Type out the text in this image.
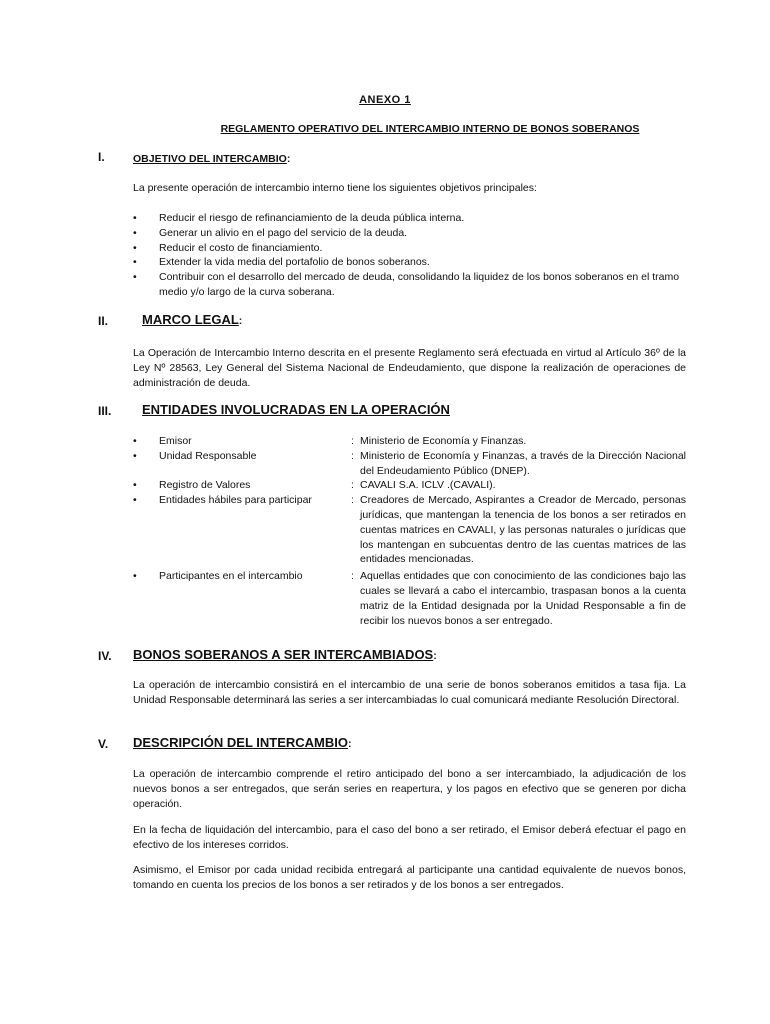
ANEXO 1
REGLAMENTO OPERATIVO DEL INTERCAMBIO INTERNO DE BONOS SOBERANOS
I.	OBJETIVO DEL INTERCAMBIO:
La presente operación de intercambio interno tiene los siguientes objetivos principales:
• Reducir el riesgo de refinanciamiento de la deuda pública interna.
• Generar un alivio en el pago del servicio de la deuda.
• Reducir el costo de financiamiento.
• Extender la vida media del portafolio de bonos soberanos.
• Contribuir con el desarrollo del mercado de deuda, consolidando la liquidez de los bonos soberanos en el tramo medio y/o largo de la curva soberana.
II.	MARCO LEGAL:
La Operación de Intercambio Interno descrita en el presente Reglamento será efectuada en virtud al Artículo 36º de la Ley Nº 28563, Ley General del Sistema Nacional de Endeudamiento, que dispone la realización de operaciones de administración de deuda.
III. ENTIDADES INVOLUCRADAS EN LA OPERACIÓN
•	Emisor	: Ministerio de Economía y Finanzas.
•	Unidad Responsable	: Ministerio de Economía y Finanzas, a través de la Dirección Nacional del Endeudamiento Público (DNEP).
•	Registro de Valores	: CAVALI S.A. ICLV .(CAVALI).
•	Entidades hábiles para participar	: Creadores de Mercado, Aspirantes a Creador de Mercado, personas jurídicas, que mantengan la tenencia de los bonos a ser retirados en cuentas matrices en CAVALI, y las personas naturales o jurídicas que los mantengan en subcuentas dentro de las cuentas matrices de las entidades mencionadas.
•	Participantes en el intercambio	: Aquellas entidades que con conocimiento de las condiciones bajo las cuales se llevará a cabo el intercambio, traspasan bonos a la cuenta matriz de la Entidad designada por la Unidad Responsable a fin de recibir los nuevos bonos a ser entregado.
IV. BONOS SOBERANOS A SER INTERCAMBIADOS:
La operación de intercambio consistirá en el intercambio de una serie de bonos soberanos emitidos a tasa fija. La Unidad Responsable determinará las series a ser intercambiadas lo cual comunicará mediante Resolución Directoral.
V. DESCRIPCIÓN DEL INTERCAMBIO:
La operación de intercambio comprende el retiro anticipado del bono a ser intercambiado, la adjudicación de los nuevos bonos a ser entregados, que serán series en reapertura, y los pagos en efectivo que se generen por dicha operación.
En la fecha de liquidación del intercambio, para el caso del bono a ser retirado, el Emisor deberá efectuar el pago en efectivo de los intereses corridos.
Asimismo, el Emisor por cada unidad recibida entregará al participante una cantidad equivalente de nuevos bonos, tomando en cuenta los precios de los bonos a ser retirados y de los bonos a ser entregados.
